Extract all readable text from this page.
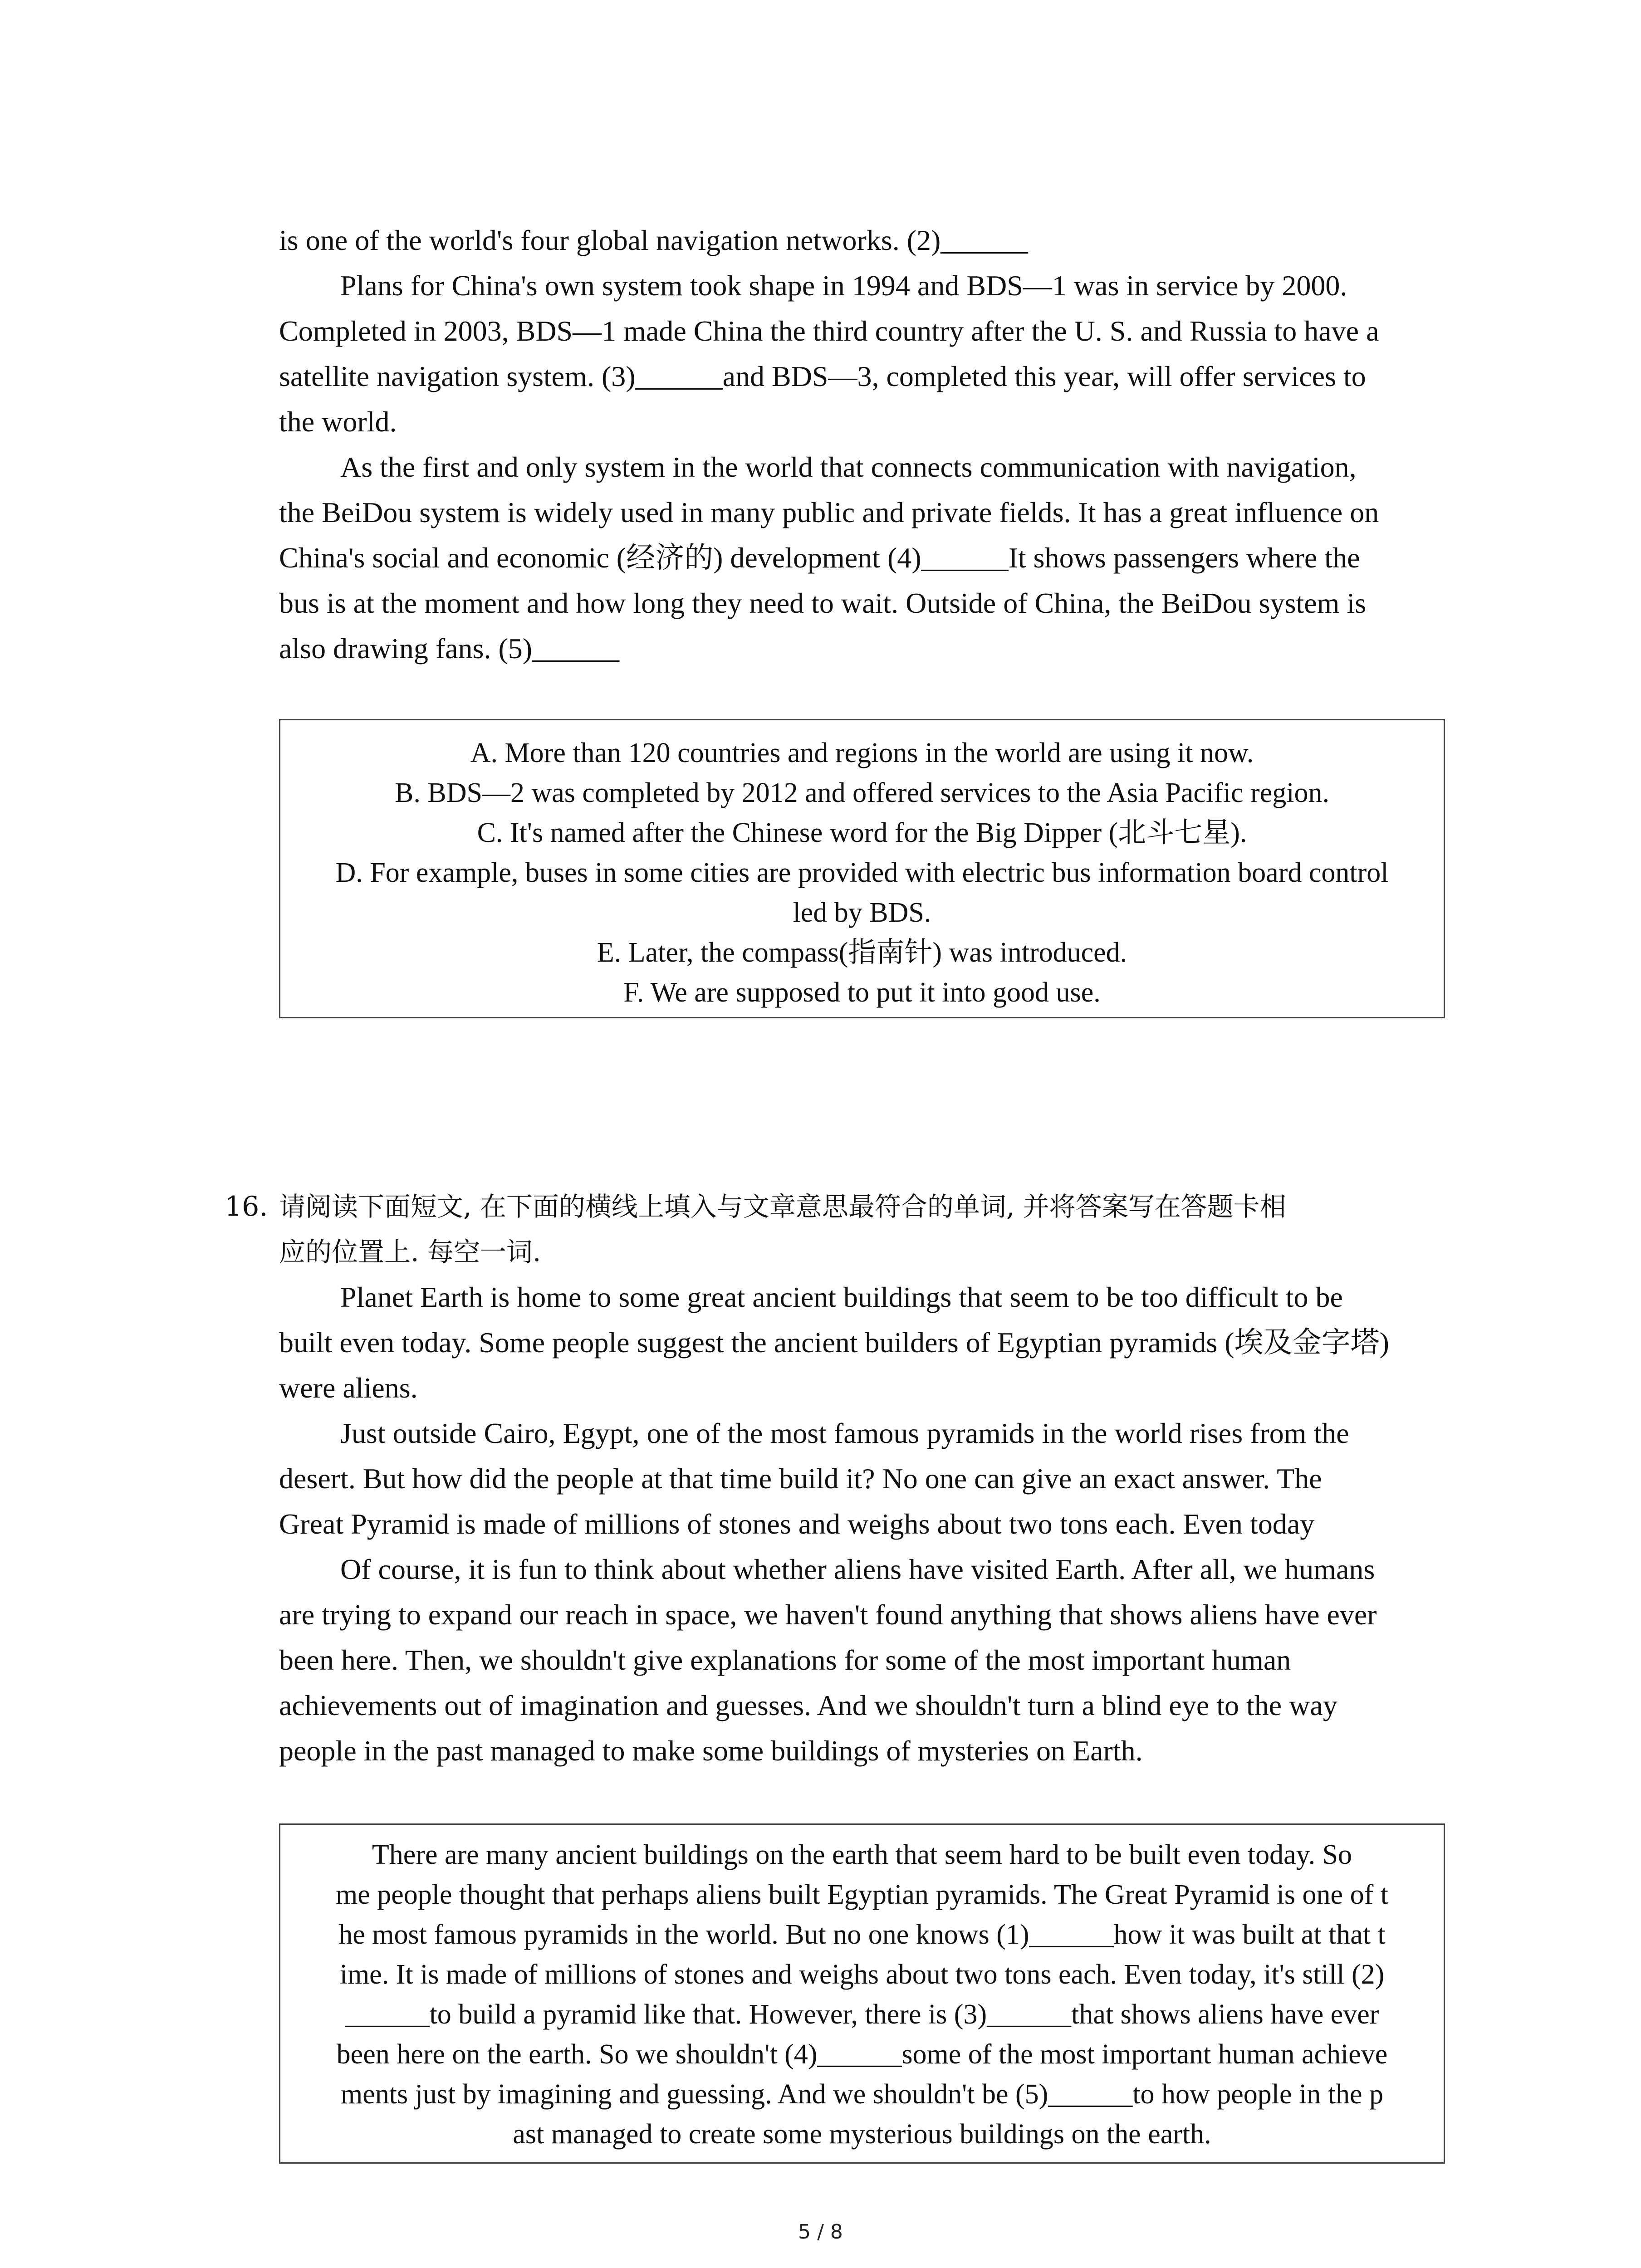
is one of the world's four global navigation networks. (2)______
Plans for China's own system took shape in 1994 and BDS—1 was in service by 2000.
Completed in 2003, BDS—1 made China the third country after the U. S. and Russia to have a
satellite navigation system. (3)______and BDS—3, completed this year, will offer services to
the world.
As the first and only system in the world that connects communication with navigation,
the BeiDou system is widely used in many public and private fields. It has a great influence on
China's social and economic (经济的) development (4)______It shows passengers where the
bus is at the moment and how long they need to wait. Outside of China, the BeiDou system is
also drawing fans. (5)______
A. More than 120 countries and regions in the world are using it now.
B. BDS—2 was completed by 2012 and offered services to the Asia Pacific region.
C. It's named after the Chinese word for the Big Dipper (北斗七星).
D. For example, buses in some cities are provided with electric bus information board control
led by BDS.
E. Later, the compass(指南针) was introduced.
F. We are supposed to put it into good use.
16. 请阅读下面短文, 在下面的横线上填入与文章意思最符合的单词, 并将答案写在答题卡相
应的位置上. 每空一词.
Planet Earth is home to some great ancient buildings that seem to be too difficult to be
built even today. Some people suggest the ancient builders of Egyptian pyramids (埃及金字塔)
were aliens.
Just outside Cairo, Egypt, one of the most famous pyramids in the world rises from the
desert. But how did the people at that time build it? No one can give an exact answer. The
Great Pyramid is made of millions of stones and weighs about two tons each. Even today
Of course, it is fun to think about whether aliens have visited Earth. After all, we humans
are trying to expand our reach in space, we haven't found anything that shows aliens have ever
been here. Then, we shouldn't give explanations for some of the most important human
achievements out of imagination and guesses. And we shouldn't turn a blind eye to the way
people in the past managed to make some buildings of mysteries on Earth.
There are many ancient buildings on the earth that seem hard to be built even today. So
me people thought that perhaps aliens built Egyptian pyramids. The Great Pyramid is one of t
he most famous pyramids in the world. But no one knows (1)______how it was built at that t
ime. It is made of millions of stones and weighs about two tons each. Even today, it's still (2)
______to build a pyramid like that. However, there is (3)______that shows aliens have ever
been here on the earth. So we shouldn't (4)______some of the most important human achieve
ments just by imagining and guessing. And we shouldn't be (5)______to how people in the p
ast managed to create some mysterious buildings on the earth.
5 / 8
